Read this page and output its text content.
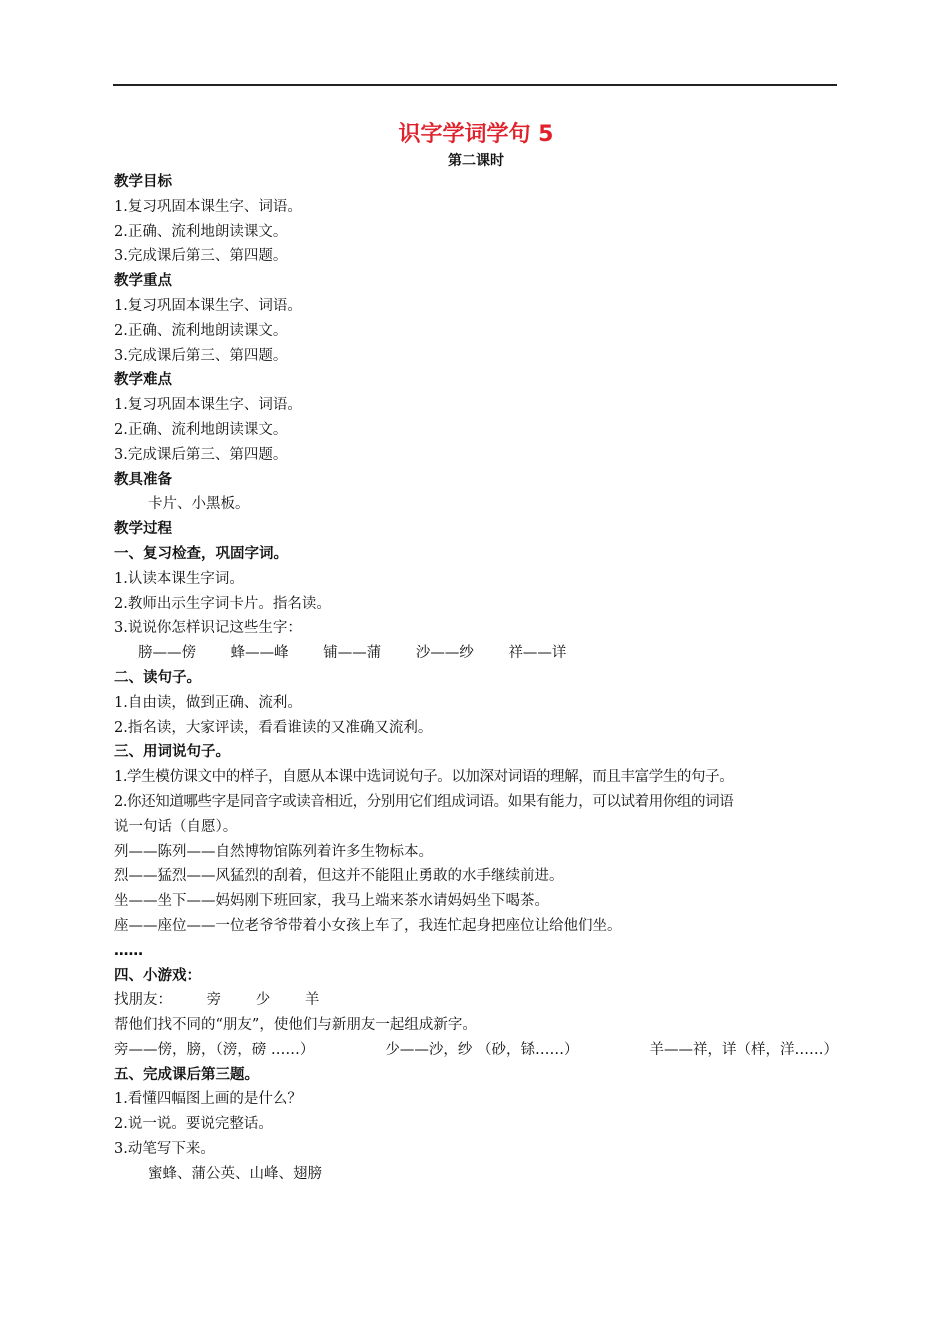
识字学词学句 5
第二课时
教学目标
1.复习巩固本课生字、词语。
2.正确、流利地朗读课文。
3.完成课后第三、第四题。
教学重点
1.复习巩固本课生字、词语。
2.正确、流利地朗读课文。
3.完成课后第三、第四题。
教学难点
1.复习巩固本课生字、词语。
2.正确、流利地朗读课文。
3.完成课后第三、第四题。
教具准备
卡片、小黑板。
教学过程
一、复习检查，巩固字词。
1.认读本课生字词。
2.教师出示生字词卡片。指名读。
3.说说你怎样识记这些生字：
膀——傍 蜂——峰 铺——蒲 沙——纱 祥——详
二、读句子。
1.自由读，做到正确、流利。
2.指名读，大家评读，看看谁读的又准确又流利。
三、用词说句子。
1.学生模仿课文中的样子，自愿从本课中选词说句子。以加深对词语的理解，而且丰富学生的句子。
2.你还知道哪些字是同音字或读音相近，分别用它们组成词语。如果有能力，可以试着用你组的词语
说一句话（自愿）。
列——陈列——自然博物馆陈列着许多生物标本。
烈——猛烈——风猛烈的刮着，但这并不能阻止勇敢的水手继续前进。
坐——坐下——妈妈刚下班回家，我马上端来茶水请妈妈坐下喝茶。
座——座位——一位老爷爷带着小女孩上车了，我连忙起身把座位让给他们坐。
……
四、小游戏：
找朋友： 旁 少 羊
帮他们找不同的“朋友”，使他们与新朋友一起组成新字。
旁——傍，膀，（滂，磅 ……）	少——沙，纱 （砂，铩……）	羊——祥，详（样，洋……）
五、完成课后第三题。
1.看懂四幅图上画的是什么？
2.说一说。要说完整话。
3.动笔写下来。
蜜蜂、蒲公英、山峰、翅膀
